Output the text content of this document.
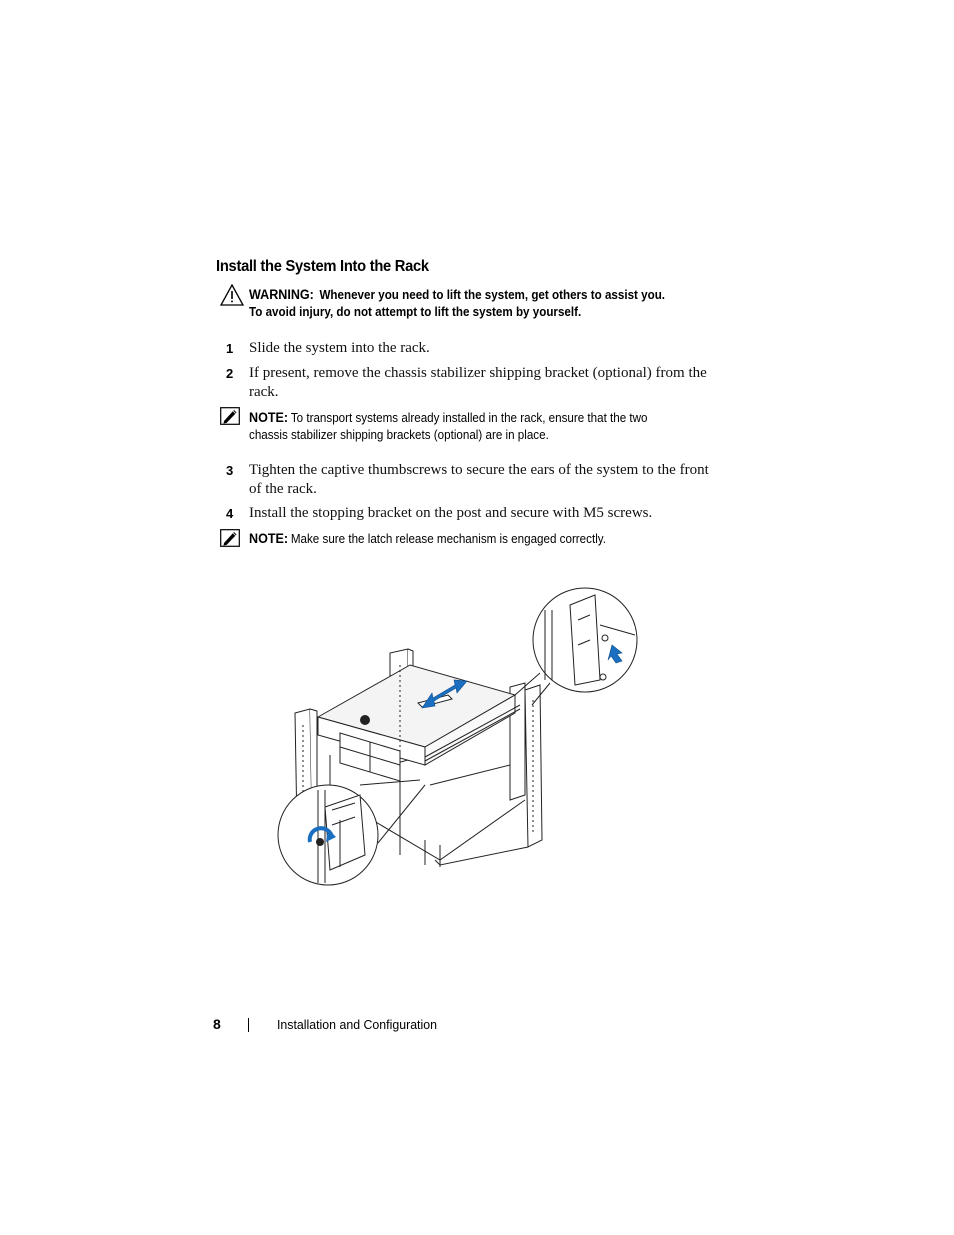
Install the System Into the Rack
WARNING: Whenever you need to lift the system, get others to assist you.
To avoid injury, do not attempt to lift the system by yourself.
1 Slide the system into the rack.
2 If present, remove the chassis stabilizer shipping bracket (optional) from the rack.
NOTE: To transport systems already installed in the rack, ensure that the two chassis stabilizer shipping brackets (optional) are in place.
3 Tighten the captive thumbscrews to secure the ears of the system to the front of the rack.
4 Install the stopping bracket on the post and secure with M5 screws.
NOTE: Make sure the latch release mechanism is engaged correctly.
8	Installation and Configuration
